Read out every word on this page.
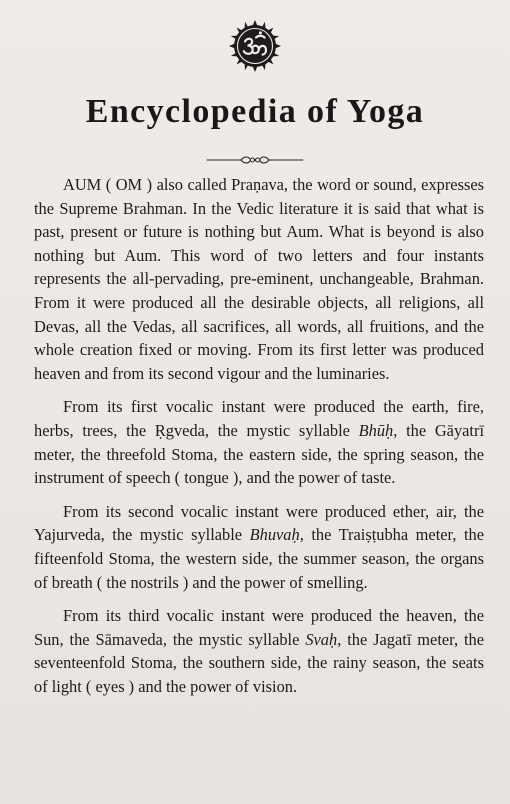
Encyclopedia of Yoga

AUM ( OM ) also called Praṇava, the word or sound, expresses the Supreme Brahman. In the Vedic literature it is said that what is past, present or future is nothing but Aum. What is beyond is also nothing but Aum. This word of two letters and four instants represents the all-pervading, pre-eminent, unchangeable, Brahman. From it were produced all the desirable objects, all religions, all Devas, all the Vedas, all sacrifices, all words, all fruitions, and the whole creation fixed or moving. From its first letter was produced heaven and from its second vigour and the luminaries.

From its first vocalic instant were produced the earth, fire, herbs, trees, the Ṛgveda, the mystic syllable Bhūḥ, the Gāyatrī meter, the threefold Stoma, the eastern side, the spring season, the instrument of speech ( tongue ), and the power of taste.

From its second vocalic instant were produced ether, air, the Yajurveda, the mystic syllable Bhuvaḥ, the Traiṣṭubha meter, the fifteenfold Stoma, the western side, the summer season, the organs of breath ( the nostrils ) and the power of smelling.

From its third vocalic instant were produced the heaven, the Sun, the Sāmaveda, the mystic syllable Svaḥ, the Jagatī meter, the seventeenfold Stoma, the southern side, the rainy season, the seats of light ( eyes ) and the power of vision.
